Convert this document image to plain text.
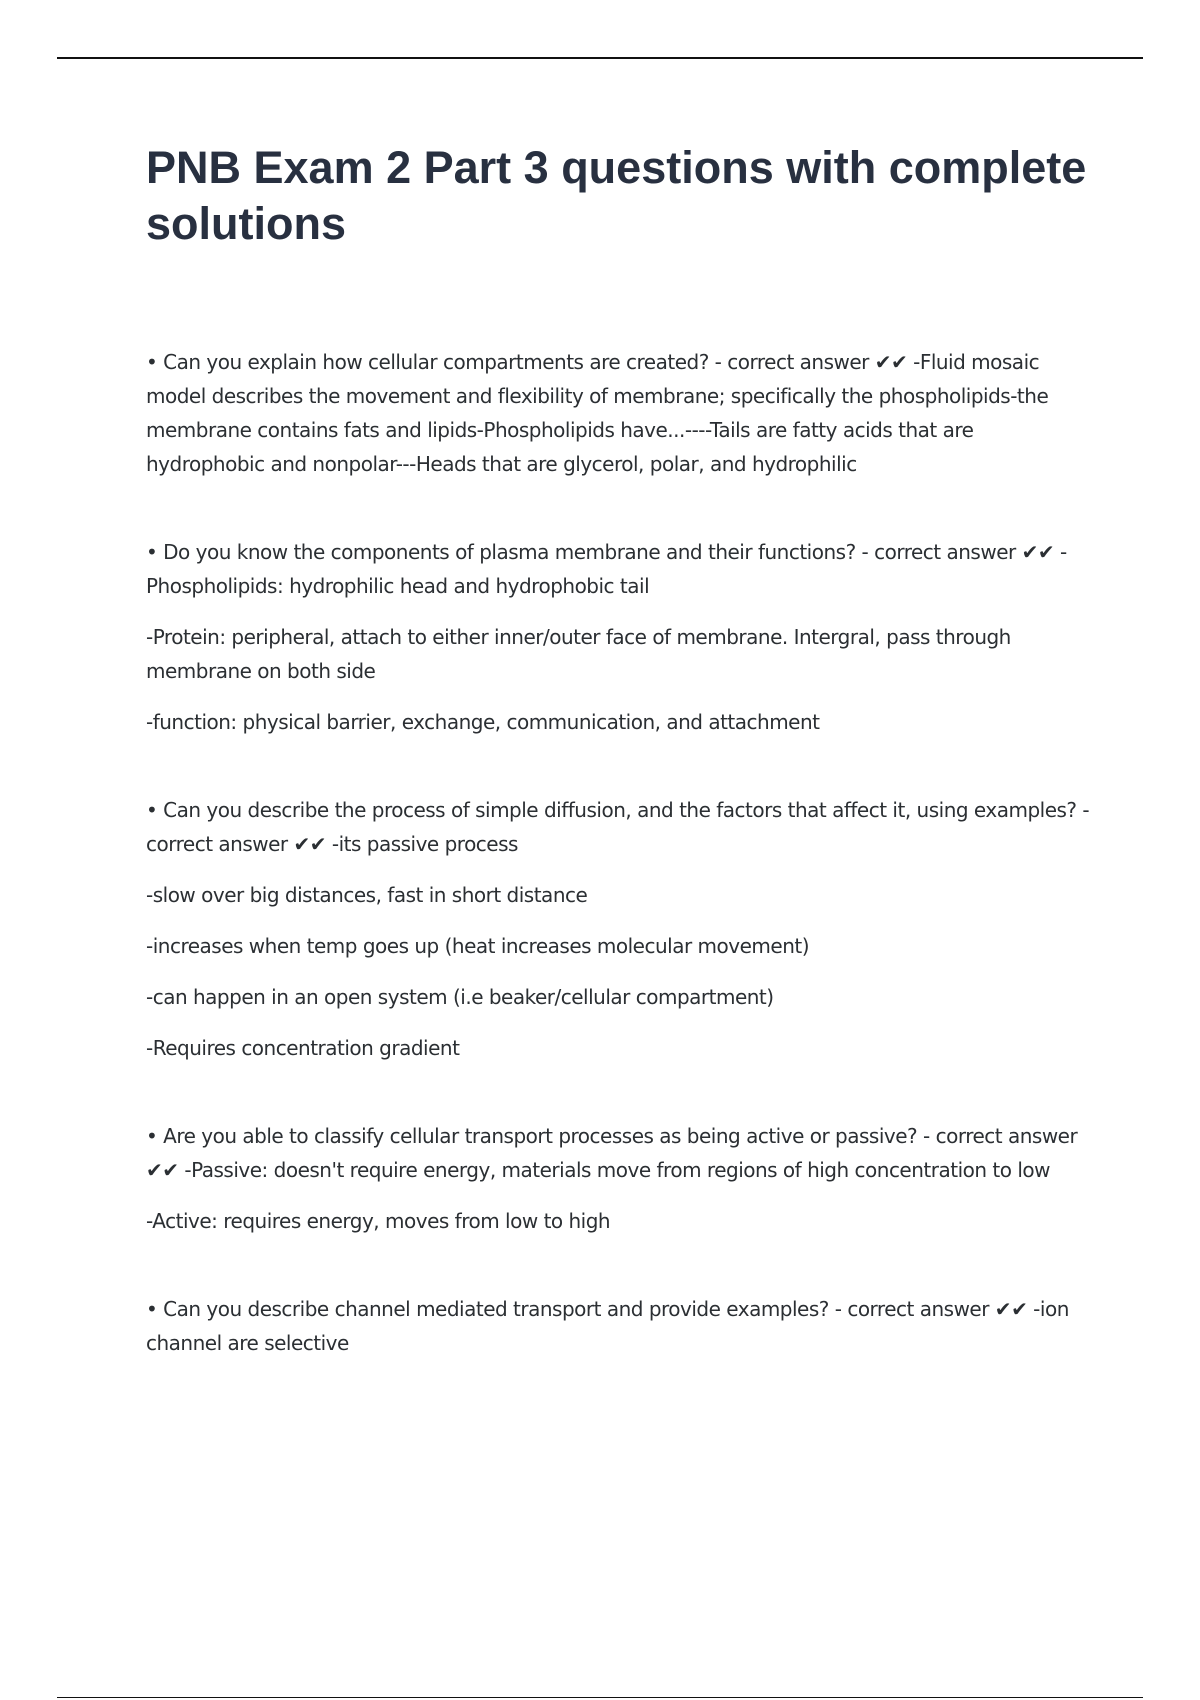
PNB Exam 2 Part 3 questions with complete solutions

• Can you explain how cellular compartments are created? - correct answer ✔✔ -Fluid mosaic model describes the movement and flexibility of membrane; specifically the phospholipids-the membrane contains fats and lipids-Phospholipids have...----Tails are fatty acids that are hydrophobic and nonpolar---Heads that are glycerol, polar, and hydrophilic

• Do you know the components of plasma membrane and their functions? - correct answer ✔✔ -Phospholipids: hydrophilic head and hydrophobic tail

-Protein: peripheral, attach to either inner/outer face of membrane. Intergral, pass through membrane on both side

-function: physical barrier, exchange, communication, and attachment

• Can you describe the process of simple diffusion, and the factors that affect it, using examples? - correct answer ✔✔ -its passive process

-slow over big distances, fast in short distance

-increases when temp goes up (heat increases molecular movement)

-can happen in an open system (i.e beaker/cellular compartment)

-Requires concentration gradient

• Are you able to classify cellular transport processes as being active or passive? - correct answer ✔✔ -Passive: doesn't require energy, materials move from regions of high concentration to low

-Active: requires energy, moves from low to high

• Can you describe channel mediated transport and provide examples? - correct answer ✔✔ -ion channel are selective
